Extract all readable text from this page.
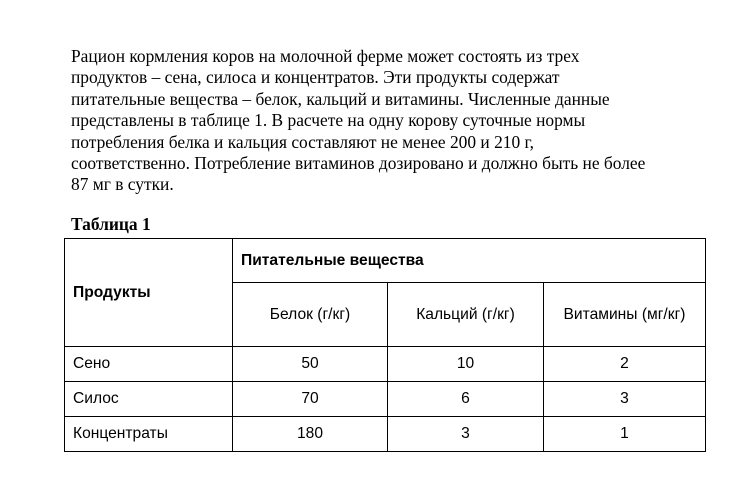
Рацион кормления коров на молочной ферме может состоять из трех
продуктов – сена, силоса и концентратов. Эти продукты содержат
питательные вещества – белок, кальций и витамины. Численные данные
представлены в таблице 1. В расчете на одну корову суточные нормы
потребления белка и кальция составляют не менее 200 и 210 г,
соответственно. Потребление витаминов дозировано и должно быть не более
87 мг в сутки.
Таблица 1
Продукты	Питательные вещества		
	Белок (г/кг)	Кальций (г/кг)	Витамины (мг/кг)
Сено	50	10	2
Силос	70	6	3
Концентраты	180	3	1
